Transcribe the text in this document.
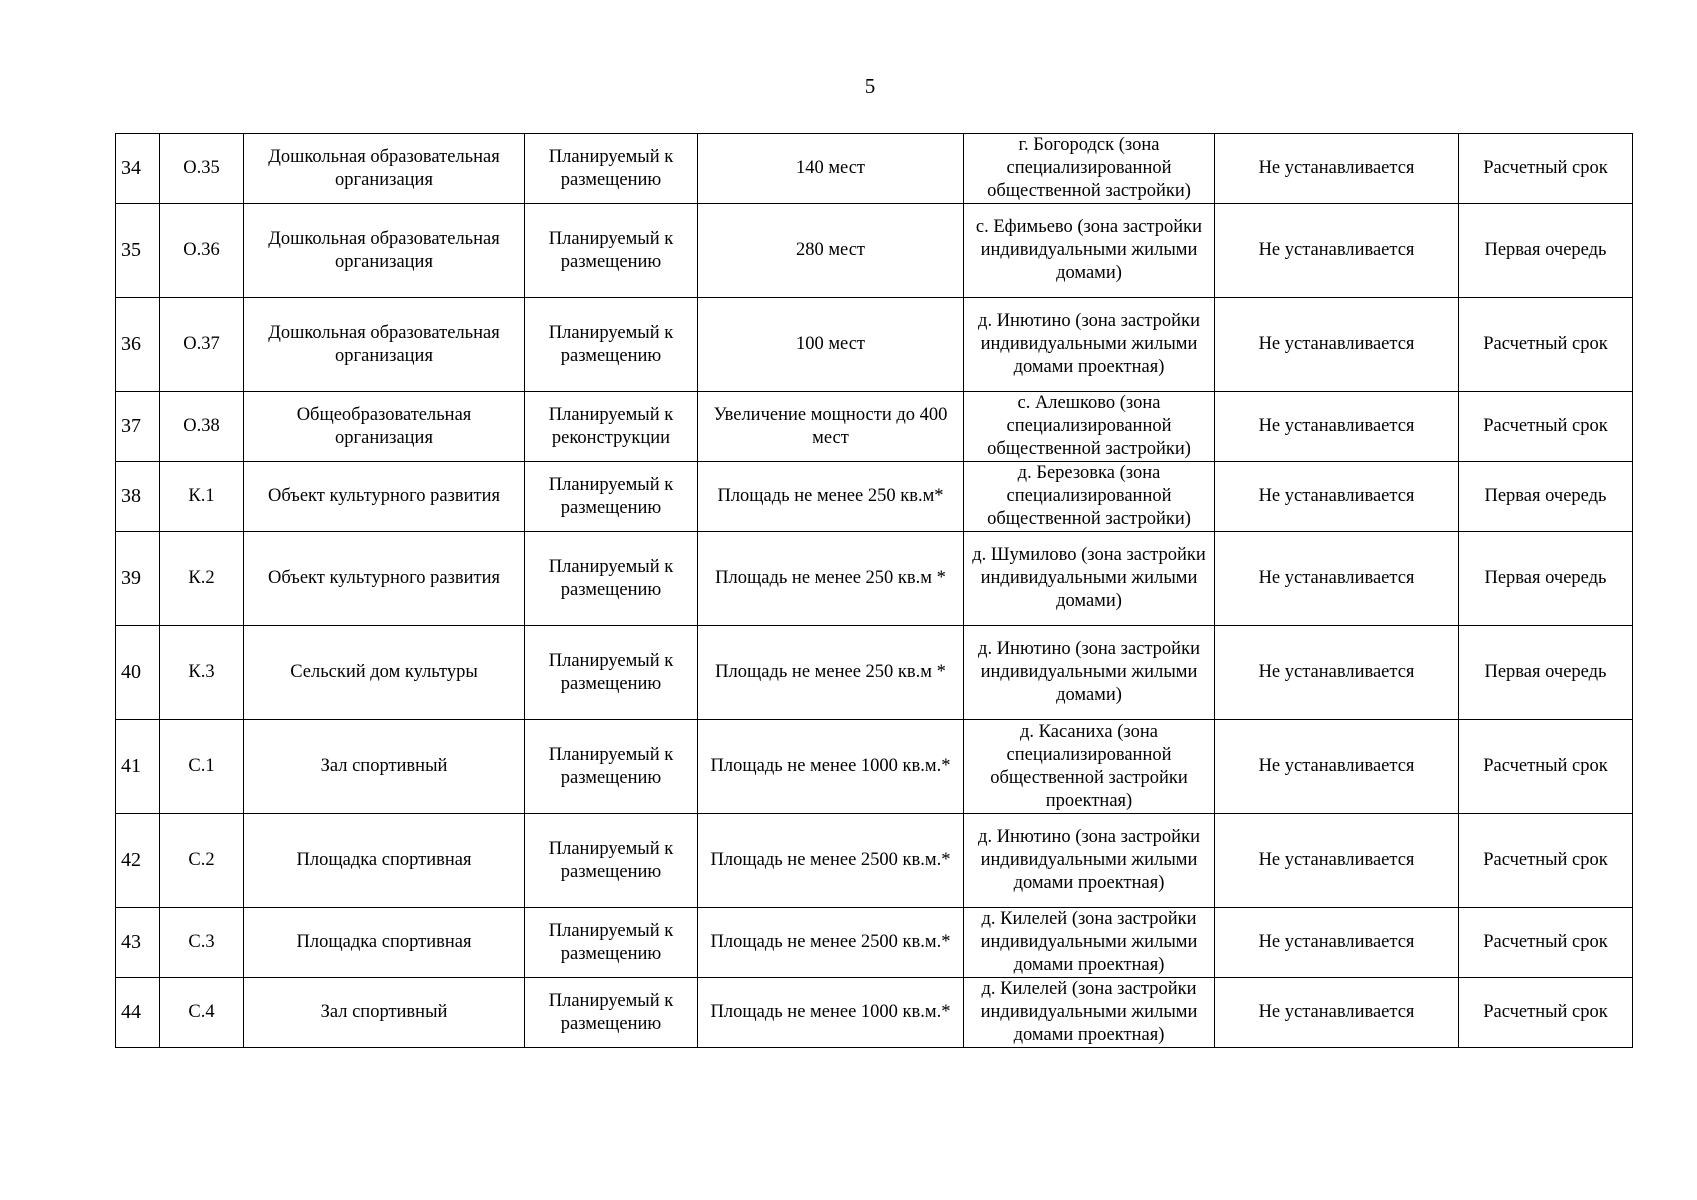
5
34	О.35	Дошкольная образовательная организация	Планируемый к размещению	140 мест	г. Богородск (зона специализированной общественной застройки)	Не устанавливается	Расчетный срок
35	О.36	Дошкольная образовательная организация	Планируемый к размещению	280 мест	с. Ефимьево (зона застройки индивидуальными жилыми домами)	Не устанавливается	Первая очередь
36	О.37	Дошкольная образовательная организация	Планируемый к размещению	100 мест	д. Инютино (зона застройки индивидуальными жилыми домами проектная)	Не устанавливается	Расчетный срок
37	О.38	Общеобразовательная организация	Планируемый к реконструкции	Увеличение мощности до 400 мест	с. Алешково (зона специализированной общественной застройки)	Не устанавливается	Расчетный срок
38	К.1	Объект культурного развития	Планируемый к размещению	Площадь не менее 250 кв.м*	д. Березовка (зона специализированной общественной застройки)	Не устанавливается	Первая очередь
39	К.2	Объект культурного развития	Планируемый к размещению	Площадь не менее 250 кв.м *	д. Шумилово (зона застройки индивидуальными жилыми домами)	Не устанавливается	Первая очередь
40	К.3	Сельский дом культуры	Планируемый к размещению	Площадь не менее 250 кв.м *	д. Инютино (зона застройки индивидуальными жилыми домами)	Не устанавливается	Первая очередь
41	С.1	Зал спортивный	Планируемый к размещению	Площадь не менее 1000 кв.м.*	д. Касаниха (зона специализированной общественной застройки проектная)	Не устанавливается	Расчетный срок
42	С.2	Площадка спортивная	Планируемый к размещению	Площадь не менее 2500 кв.м.*	д. Инютино (зона застройки индивидуальными жилыми домами проектная)	Не устанавливается	Расчетный срок
43	С.3	Площадка спортивная	Планируемый к размещению	Площадь не менее 2500 кв.м.*	д. Килелей (зона застройки индивидуальными жилыми домами проектная)	Не устанавливается	Расчетный срок
44	С.4	Зал спортивный	Планируемый к размещению	Площадь не менее 1000 кв.м.*	д. Килелей (зона застройки индивидуальными жилыми домами проектная)	Не устанавливается	Расчетный срок
